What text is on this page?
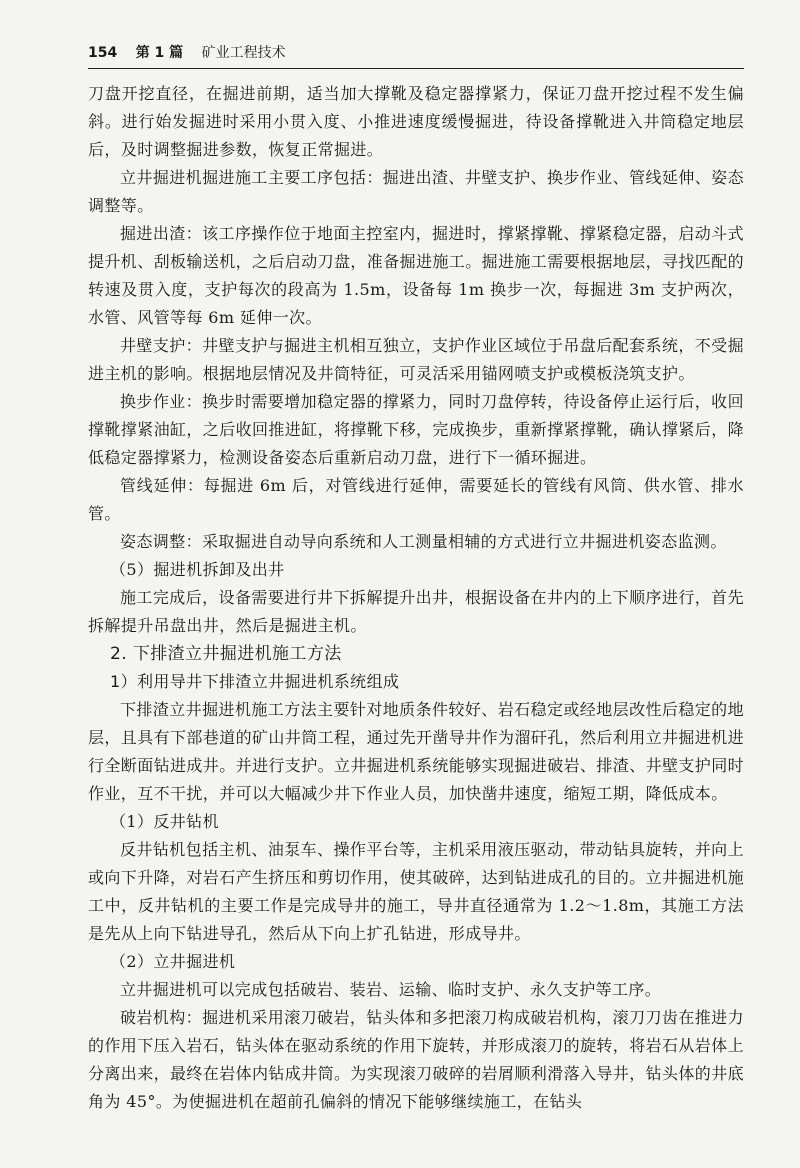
154 第 1 篇 矿业工程技术

刀盘开挖直径，在掘进前期，适当加大撑靴及稳定器撑紧力，保证刀盘开挖过程不发生偏斜。进行始发掘进时采用小贯入度、小推进速度缓慢掘进，待设备撑靴进入井筒稳定地层后，及时调整掘进参数，恢复正常掘进。

立井掘进机掘进施工主要工序包括：掘进出渣、井壁支护、换步作业、管线延伸、姿态调整等。

掘进出渣：该工序操作位于地面主控室内，掘进时，撑紧撑靴、撑紧稳定器，启动斗式提升机、刮板输送机，之后启动刀盘，准备掘进施工。掘进施工需要根据地层，寻找匹配的转速及贯入度，支护每次的段高为 1.5m，设备每 1m 换步一次，每掘进 3m 支护两次，水管、风管等每 6m 延伸一次。

井壁支护：井壁支护与掘进主机相互独立，支护作业区域位于吊盘后配套系统，不受掘进主机的影响。根据地层情况及井筒特征，可灵活采用锚网喷支护或模板浇筑支护。

换步作业：换步时需要增加稳定器的撑紧力，同时刀盘停转，待设备停止运行后，收回撑靴撑紧油缸，之后收回推进缸，将撑靴下移，完成换步，重新撑紧撑靴，确认撑紧后，降低稳定器撑紧力，检测设备姿态后重新启动刀盘，进行下一循环掘进。

管线延伸：每掘进 6m 后，对管线进行延伸，需要延长的管线有风筒、供水管、排水管。

姿态调整：采取掘进自动导向系统和人工测量相辅的方式进行立井掘进机姿态监测。

（5）掘进机拆卸及出井

施工完成后，设备需要进行井下拆解提升出井，根据设备在井内的上下顺序进行，首先拆解提升吊盘出井，然后是掘进主机。

2. 下排渣立井掘进机施工方法

1）利用导井下排渣立井掘进机系统组成

下排渣立井掘进机施工方法主要针对地质条件较好、岩石稳定或经地层改性后稳定的地层，且具有下部巷道的矿山井筒工程，通过先开凿导井作为溜矸孔，然后利用立井掘进机进行全断面钻进成井。并进行支护。立井掘进机系统能够实现掘进破岩、排渣、井壁支护同时作业，互不干扰，并可以大幅减少井下作业人员，加快凿井速度，缩短工期，降低成本。

（1）反井钻机

反井钻机包括主机、油泵车、操作平台等，主机采用液压驱动，带动钻具旋转，并向上或向下升降，对岩石产生挤压和剪切作用，使其破碎，达到钻进成孔的目的。立井掘进机施工中，反井钻机的主要工作是完成导井的施工，导井直径通常为 1.2～1.8m，其施工方法是先从上向下钻进导孔，然后从下向上扩孔钻进，形成导井。

（2）立井掘进机

立井掘进机可以完成包括破岩、装岩、运输、临时支护、永久支护等工序。

破岩机构：掘进机采用滚刀破岩，钻头体和多把滚刀构成破岩机构，滚刀刀齿在推进力的作用下压入岩石，钻头体在驱动系统的作用下旋转，并形成滚刀的旋转，将岩石从岩体上分离出来，最终在岩体内钻成井筒。为实现滚刀破碎的岩屑顺利滑落入导井，钻头体的井底角为 45°。为使掘进机在超前孔偏斜的情况下能够继续施工，在钻头
